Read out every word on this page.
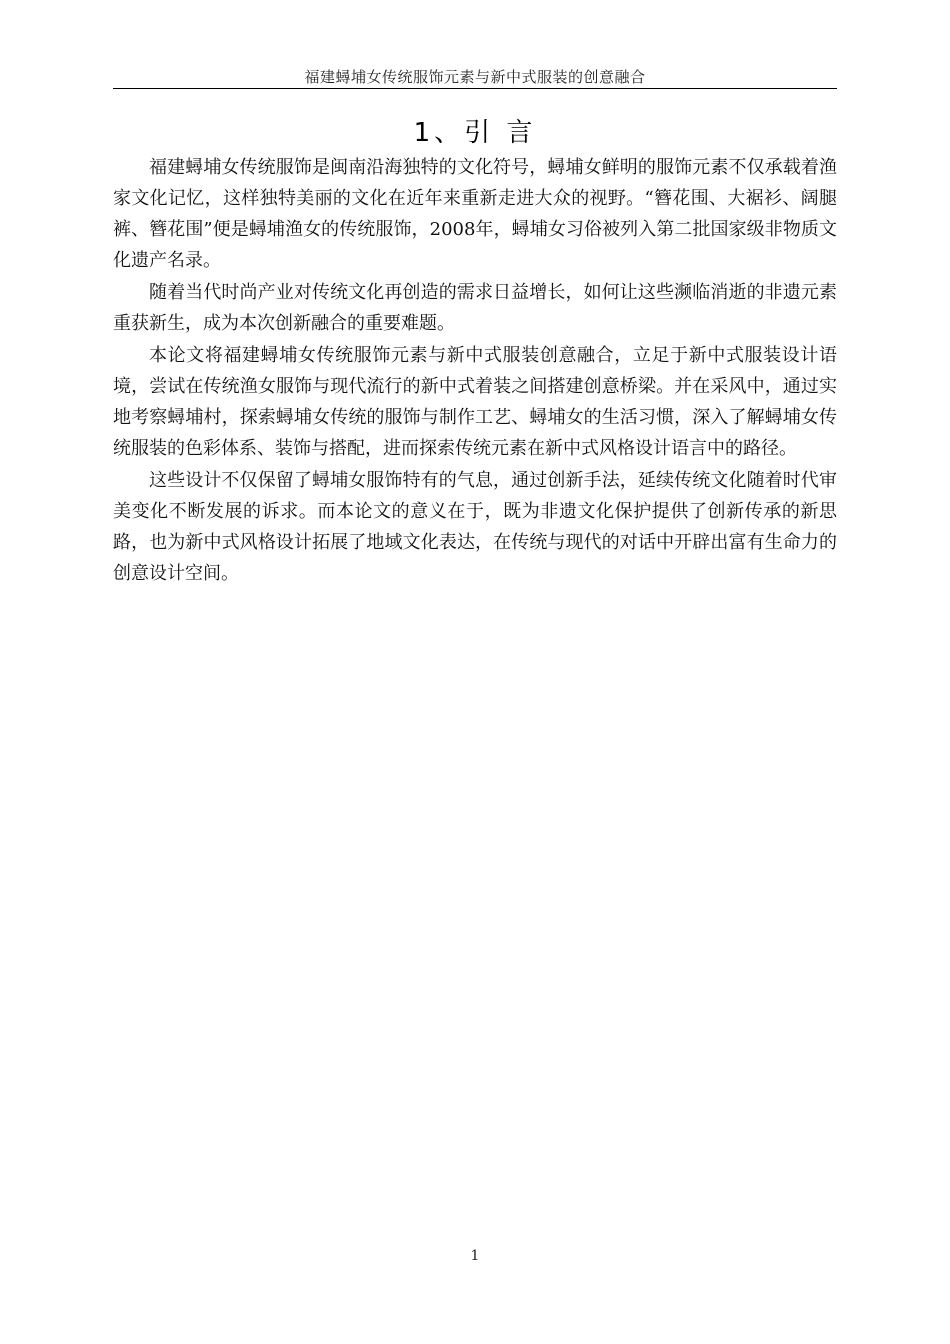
福建蟳埔女传统服饰元素与新中式服装的创意融合
1、引 言

福建蟳埔女传统服饰是闽南沿海独特的文化符号，蟳埔女鲜明的服饰元素不仅承载着渔家文化记忆，这样独特美丽的文化在近年来重新走进大众的视野。“簪花围、大裾衫、阔腿裤、簪花围”便是蟳埔渔女的传统服饰，2008年，蟳埔女习俗被列入第二批国家级非物质文化遗产名录。

随着当代时尚产业对传统文化再创造的需求日益增长，如何让这些濒临消逝的非遗元素重获新生，成为本次创新融合的重要难题。

本论文将福建蟳埔女传统服饰元素与新中式服装创意融合，立足于新中式服装设计语境，尝试在传统渔女服饰与现代流行的新中式着装之间搭建创意桥梁。并在采风中，通过实地考察蟳埔村，探索蟳埔女传统的服饰与制作工艺、蟳埔女的生活习惯，深入了解蟳埔女传统服装的色彩体系、装饰与搭配，进而探索传统元素在新中式风格设计语言中的路径。

这些设计不仅保留了蟳埔女服饰特有的气息，通过创新手法，延续传统文化随着时代审美变化不断发展的诉求。而本论文的意义在于，既为非遗文化保护提供了创新传承的新思路，也为新中式风格设计拓展了地域文化表达，在传统与现代的对话中开辟出富有生命力的创意设计空间。

1
